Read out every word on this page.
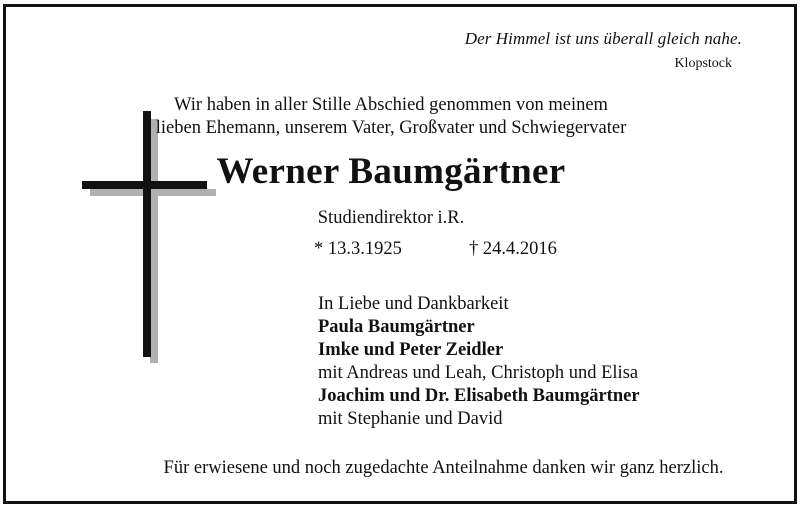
Der Himmel ist uns überall gleich nahe.
Klopstock
Wir haben in aller Stille Abschied genommen von meinem
lieben Ehemann, unserem Vater, Großvater und Schwiegervater
Werner Baumgärtner
Studiendirektor i.R.
* 13.3.1925	† 24.4.2016
In Liebe und Dankbarkeit
Paula Baumgärtner
Imke und Peter Zeidler
mit Andreas und Leah, Christoph und Elisa
Joachim und Dr. Elisabeth Baumgärtner
mit Stephanie und David
Für erwiesene und noch zugedachte Anteilnahme danken wir ganz herzlich.
